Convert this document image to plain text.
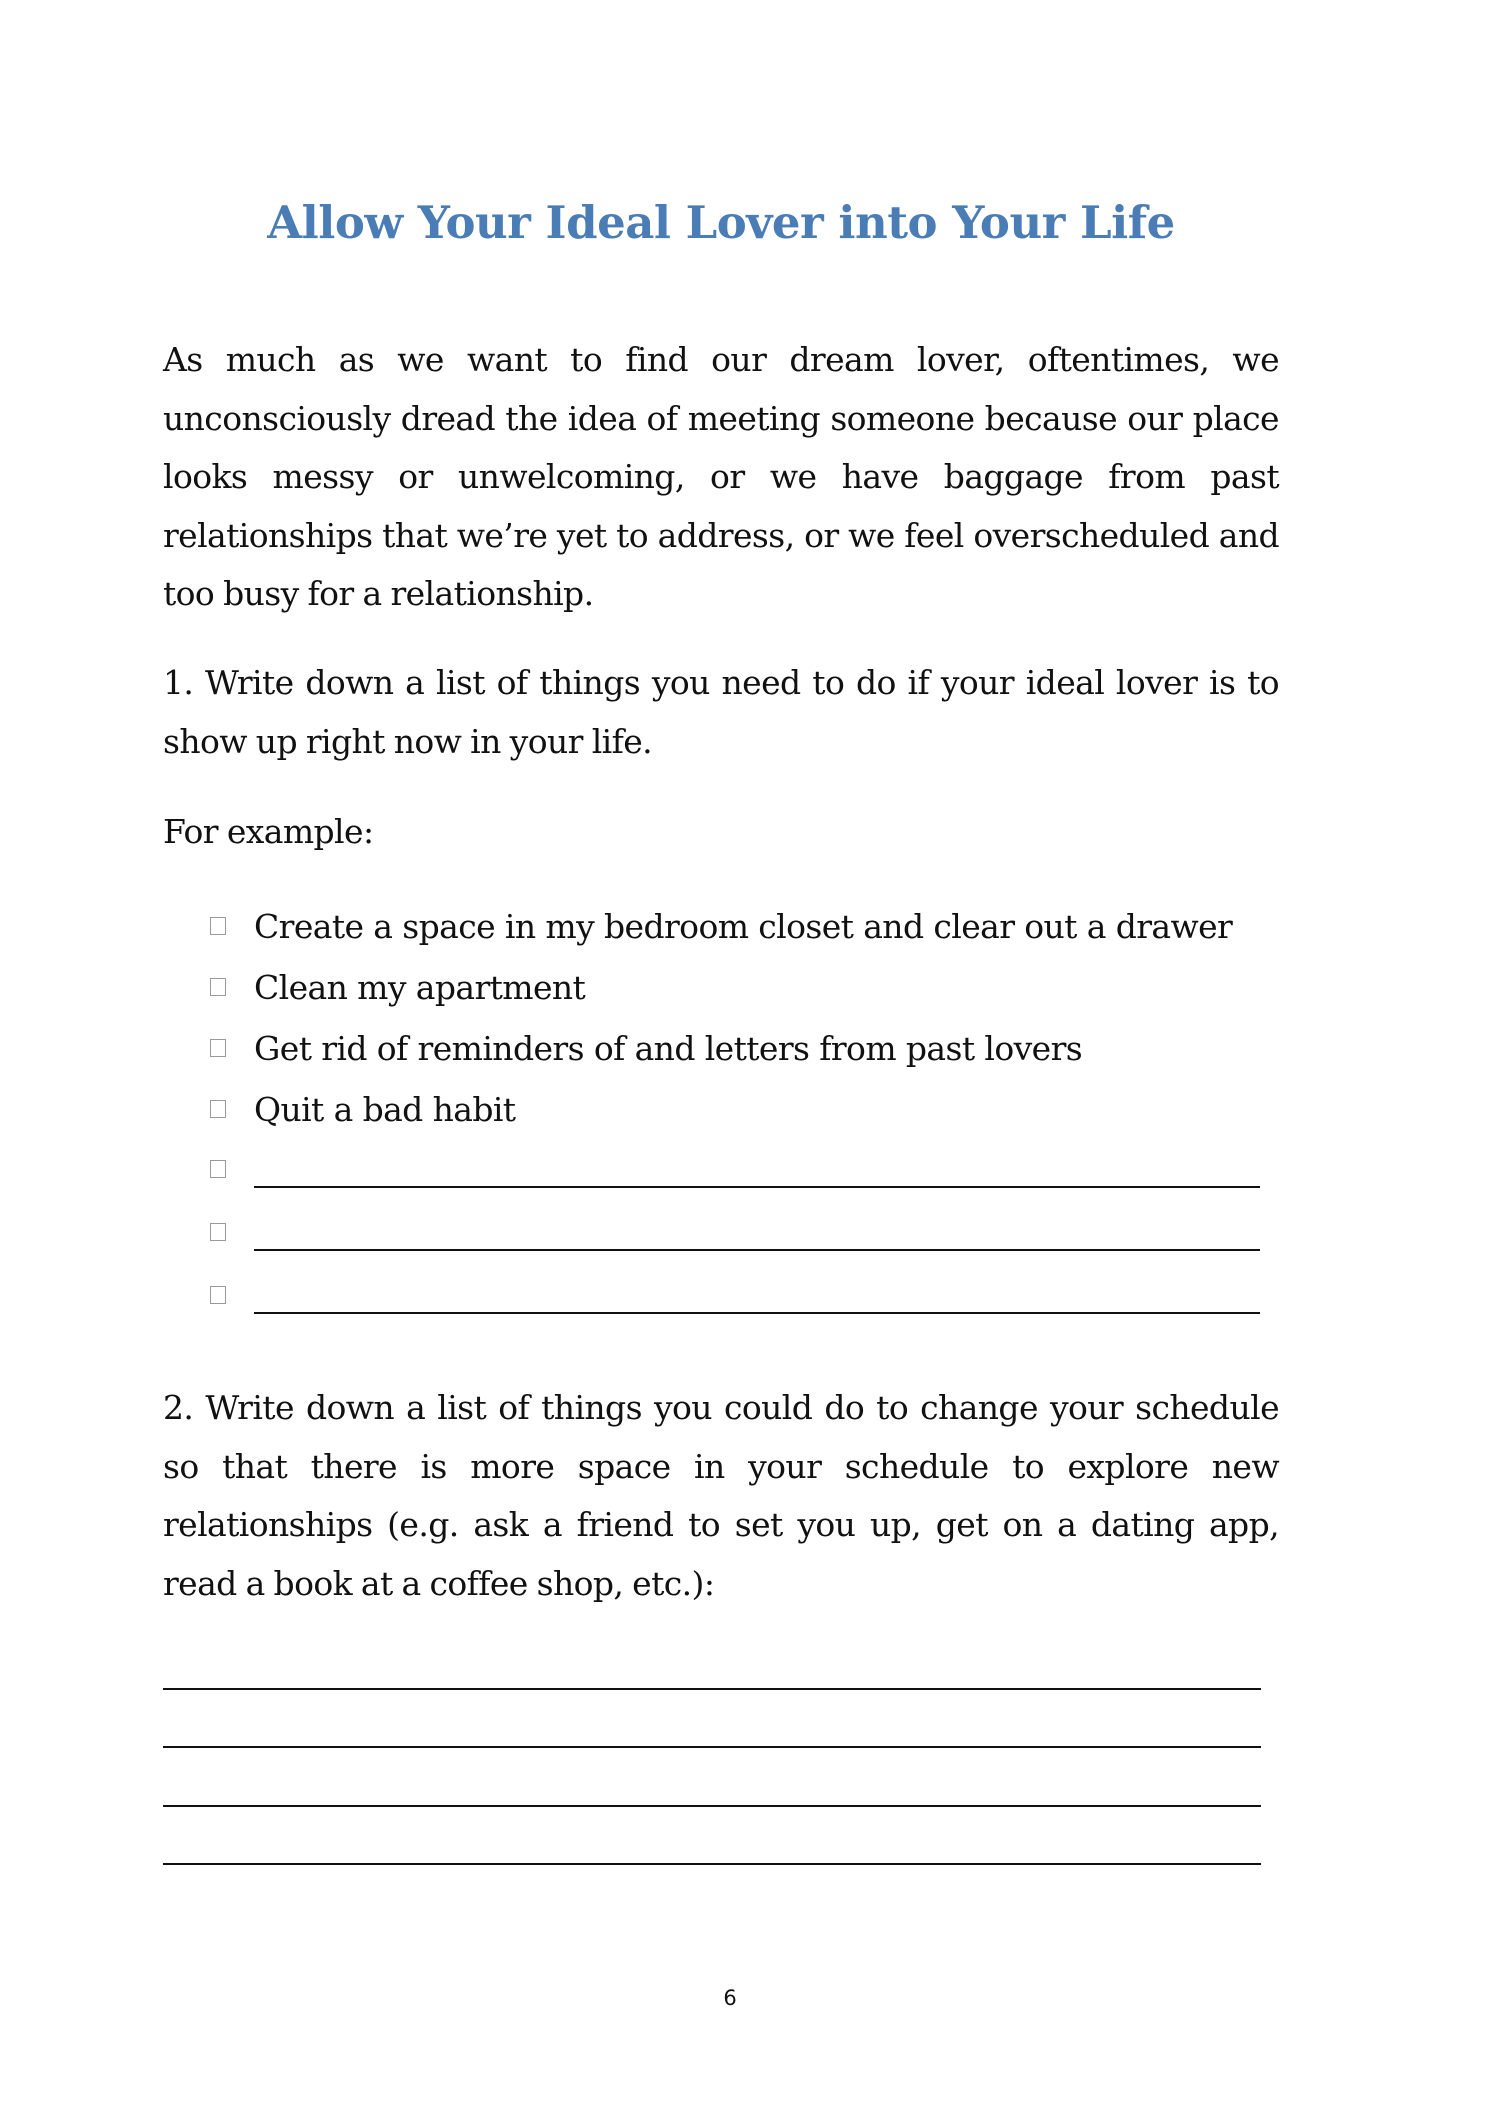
Allow Your Ideal Lover into Your Life

As much as we want to find our dream lover, oftentimes, we unconsciously dread the idea of meeting someone because our place looks messy or unwelcoming, or we have baggage from past relationships that we’re yet to address, or we feel overscheduled and too busy for a relationship.

1. Write down a list of things you need to do if your ideal lover is to show up right now in your life.

For example:

Create a space in my bedroom closet and clear out a drawer
Clean my apartment
Get rid of reminders of and letters from past lovers
Quit a bad habit

2. Write down a list of things you could do to change your schedule so that there is more space in your schedule to explore new relationships (e.g. ask a friend to set you up, get on a dating app, read a book at a coffee shop, etc.):

6
